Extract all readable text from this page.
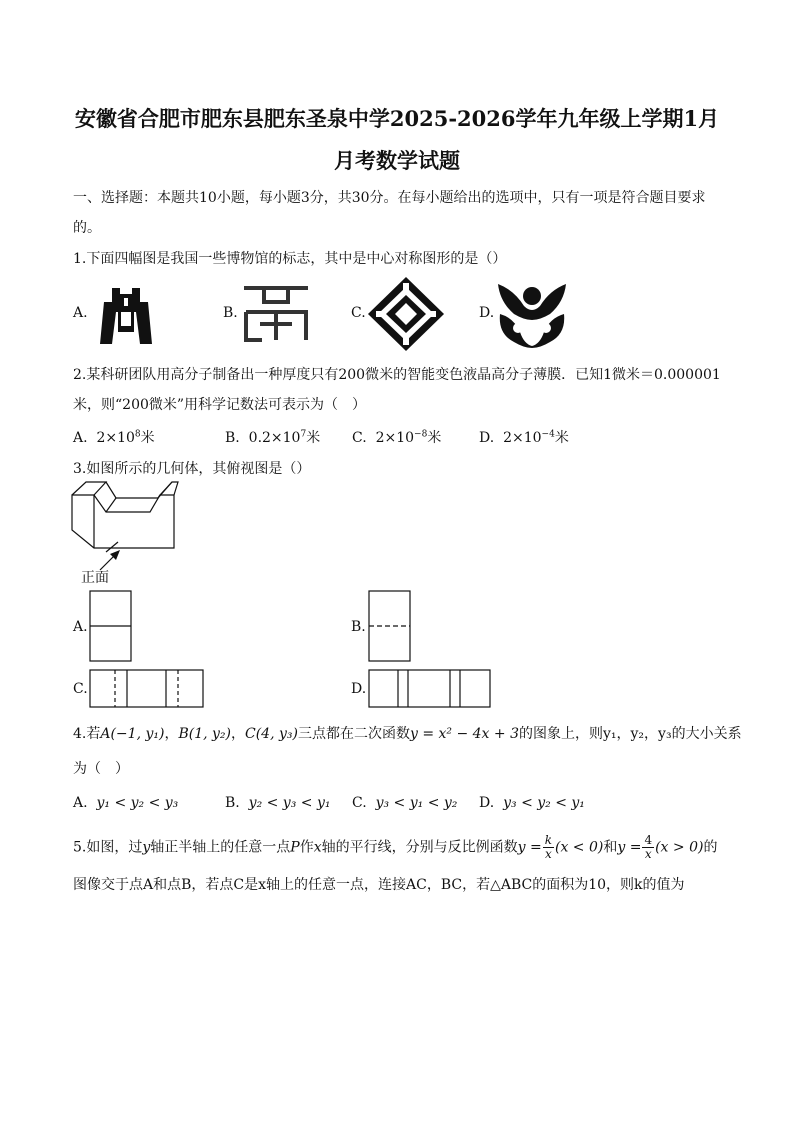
安徽省合肥市肥东县肥东圣泉中学2025-2026学年九年级上学期1月
月考数学试题
一、选择题：本题共10小题，每小题3分，共30分。在每小题给出的选项中，只有一项是符合题目要求
的。
1.下面四幅图是我国一些博物馆的标志，其中是中心对称图形的是（）
A.	B.	C.	D.
2.某科研团队用高分子制备出一种厚度只有200微米的智能变色液晶高分子薄膜．已知1微米＝0.000001
米，则“200微米”用科学记数法可表示为（　）
A. $2\times 10^8$米	B. $0.2\times 10^7$米 C. $2\times 10^{-8}$米	D. $2\times 10^{-4}$米
3.如图所示的几何体，其俯视图是（）
正面
A.	B.
C.	D.
4.若A(−1, y₁)，B(1, y₂)，C(4, y₃)三点都在二次函数y = x² − 4x + 3的图象上，则y₁，y₂，y₃的大小关系
为（　）
A. y₁ < y₂ < y₃	B. y₂ < y₃ < y₁ C. y₃ < y₁ < y₂ D. y₃ < y₂ < y₁
5.如图，过y轴正半轴上的任意一点P作x轴的平行线，分别与反比例函数$y = \frac{k}{x} (x < 0)$和$y = \frac{4}{x} (x > 0)$的
图像交于点A和点B，若点C是x轴上的任意一点，连接AC，BC，若△ABC的面积为10，则k的值为
